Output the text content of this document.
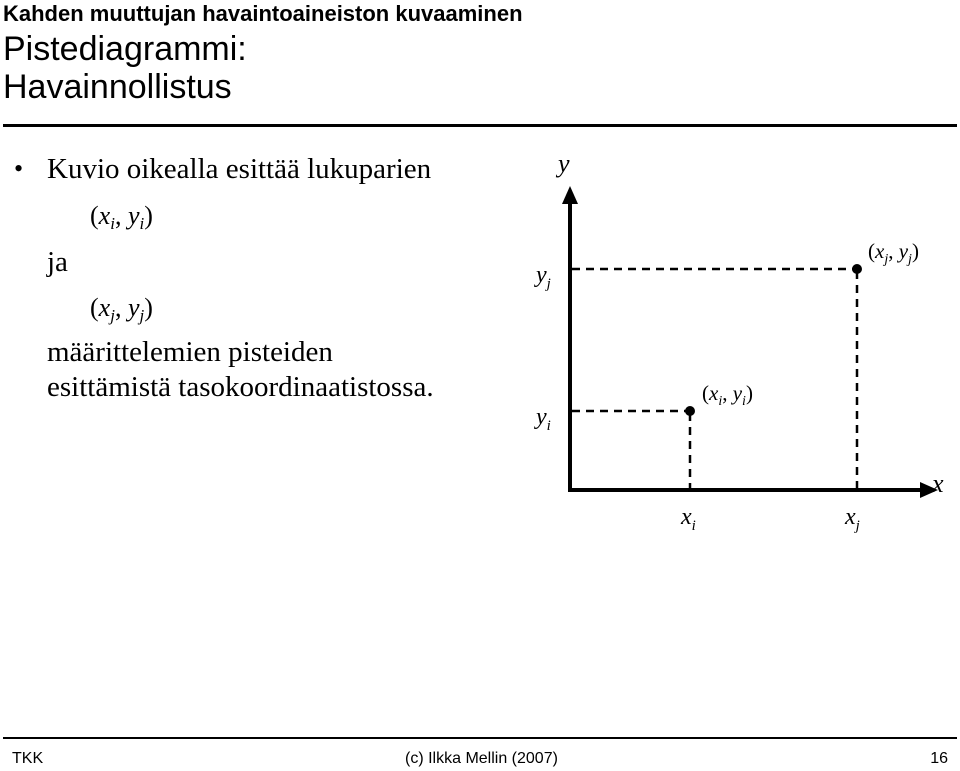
Kahden muuttujan havaintoaineiston kuvaaminen
Pistediagrammi:
Havainnollistus
• Kuvio oikealla esittää lukuparien
($x_i$, $y_i$)
ja
($x_j$, $y_j$)
määrittelemien pisteiden
esittämistä tasokoordinaatistossa.
y
x
$y_j$
$y_i$
$x_i$	$x_j$
($x_j$, $y_j$)
($x_i$, $y_i$)
TKK	(c) Ilkka Mellin (2007)	16
